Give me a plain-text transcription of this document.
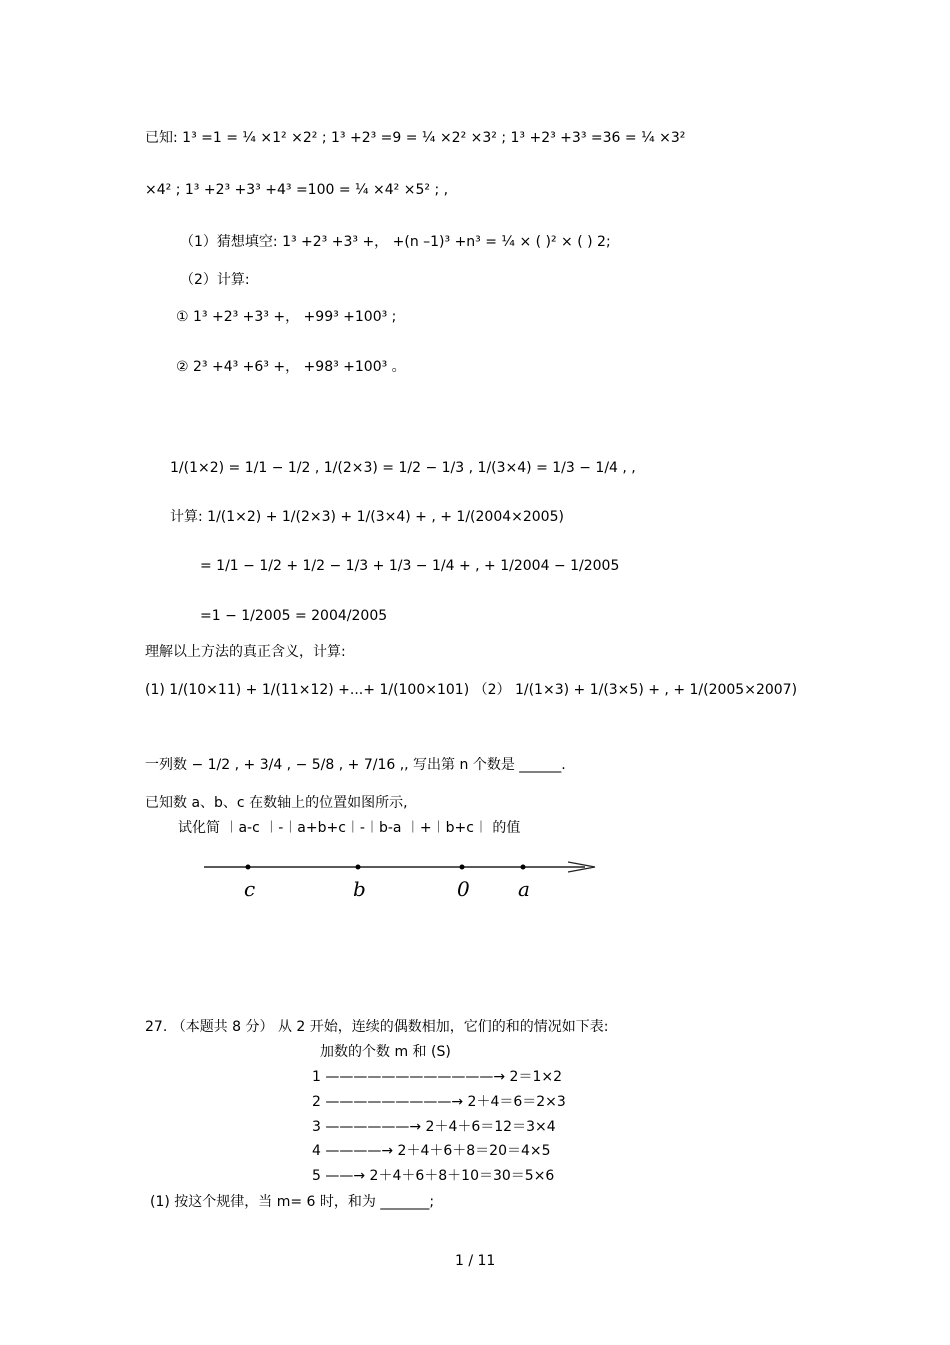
已知: 1³ =1 = ¼ ×1² ×2² ; 1³ +2³ =9 = ¼ ×2² ×3² ; 1³ +2³ +3³ =36 = ¼ ×3²
×4² ; 1³ +2³ +3³ +4³ =100 = ¼ ×4² ×5² ; ,
（1）猜想填空: 1³ +2³ +3³ +， +(n –1)³ +n³ = ¼ × ( )² × ( ) 2;
（2）计算:
① 1³ +2³ +3³ +， +99³ +100³ ;
② 2³ +4³ +6³ +， +98³ +100³ 。
1/(1×2) = 1/1 − 1/2 , 1/(2×3) = 1/2 − 1/3 , 1/(3×4) = 1/3 − 1/4 , ,
计算: 1/(1×2) + 1/(2×3) + 1/(3×4) + , + 1/(2004×2005)
= 1/1 − 1/2 + 1/2 − 1/3 + 1/3 − 1/4 + , + 1/2004 − 1/2005
=1 − 1/2005 = 2004/2005
理解以上方法的真正含义，计算:
(1) 1/(10×11) + 1/(11×12) +...+ 1/(100×101) （2） 1/(1×3) + 1/(3×5) + , + 1/(2005×2007)
一列数 − 1/2 , + 3/4 , − 5/8 , + 7/16 ,, 写出第 n 个数是 ______.
已知数 a、b、c 在数轴上的位置如图所示,
试化简 ︱a-c ︱-︱a+b+c︱-︱b-a ︱+︱b+c︱ 的值
c	b	0 a
27. （本题共 8 分） 从 2 开始，连续的偶数相加，它们的和的情况如下表:
加数的个数 m 和 (S)
1 ————————————→ 2＝1×2
2 —————————→ 2＋4＝6＝2×3
3 ——————→ 2＋4＋6＝12＝3×4
4 ————→ 2＋4＋6＋8＝20＝4×5
5 ——→ 2＋4＋6＋8＋10＝30＝5×6
(1) 按这个规律，当 m= 6 时，和为 _______;
1 / 11
